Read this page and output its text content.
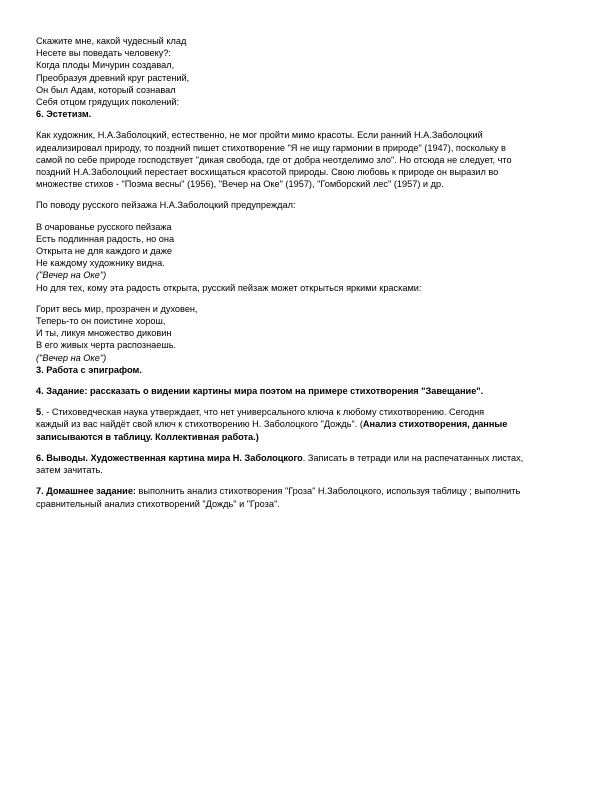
Скажите мне, какой чудесный клад
Несете вы поведать человеку?:
Когда плоды Мичурин создавал,
Преобразуя древний круг растений,
Он был Адам, который сознавал
Себя отцом грядущих поколений:
6. Эстетизм.
Как художник, Н.А.Заболоцкий, естественно, не мог пройти мимо красоты. Если ранний Н.А.Заболоцкий
идеализировал природу, то поздний пишет стихотворение "Я не ищу гармонии в природе" (1947), поскольку в
самой по себе природе господствует "дикая свобода, где от добра неотделимо зло". Но отсюда не следует, что
поздний Н.А.Заболоцкий перестает восхищаться красотой природы. Свою любовь к природе он выразил во
множестве стихов - "Поэма весны" (1956), "Вечер на Оке" (1957), "Гомборский лес" (1957) и др.
По поводу русского пейзажа Н.А.Заболоцкий предупреждал:
В очарованье русского пейзажа
Есть подлинная радость, но она
Открыта не для каждого и даже
Не каждому художнику видна.
("Вечер на Оке")
Но для тех, кому эта радость открыта, русский пейзаж может открыться яркими красками:
Горит весь мир, прозрачен и духовен,
Теперь-то он поистине хорош,
И ты, ликуя множество диковин
В его живых черта распознаешь.
("Вечер на Оке")
3. Работа с эпиграфом.
4. Задание: рассказать о видении картины мира поэтом на примере стихотворения "Завещание".
5. - Стиховедческая наука утверждает, что нет универсального ключа к любому стихотворению. Сегодня
каждый из вас найдёт свой ключ к стихотворению Н. Заболоцкого "Дождь". (Анализ стихотворения, данные
записываются в таблицу. Коллективная работа.)
6. Выводы. Художественная картина мира Н. Заболоцкого. Записать в тетради или на распечатанных листах,
затем зачитать.
7. Домашнее задание: выполнить анализ стихотворения "Гроза" Н.Заболоцкого, используя таблицу ; выполнить
сравнительный анализ стихотворений "Дождь" и "Гроза".
